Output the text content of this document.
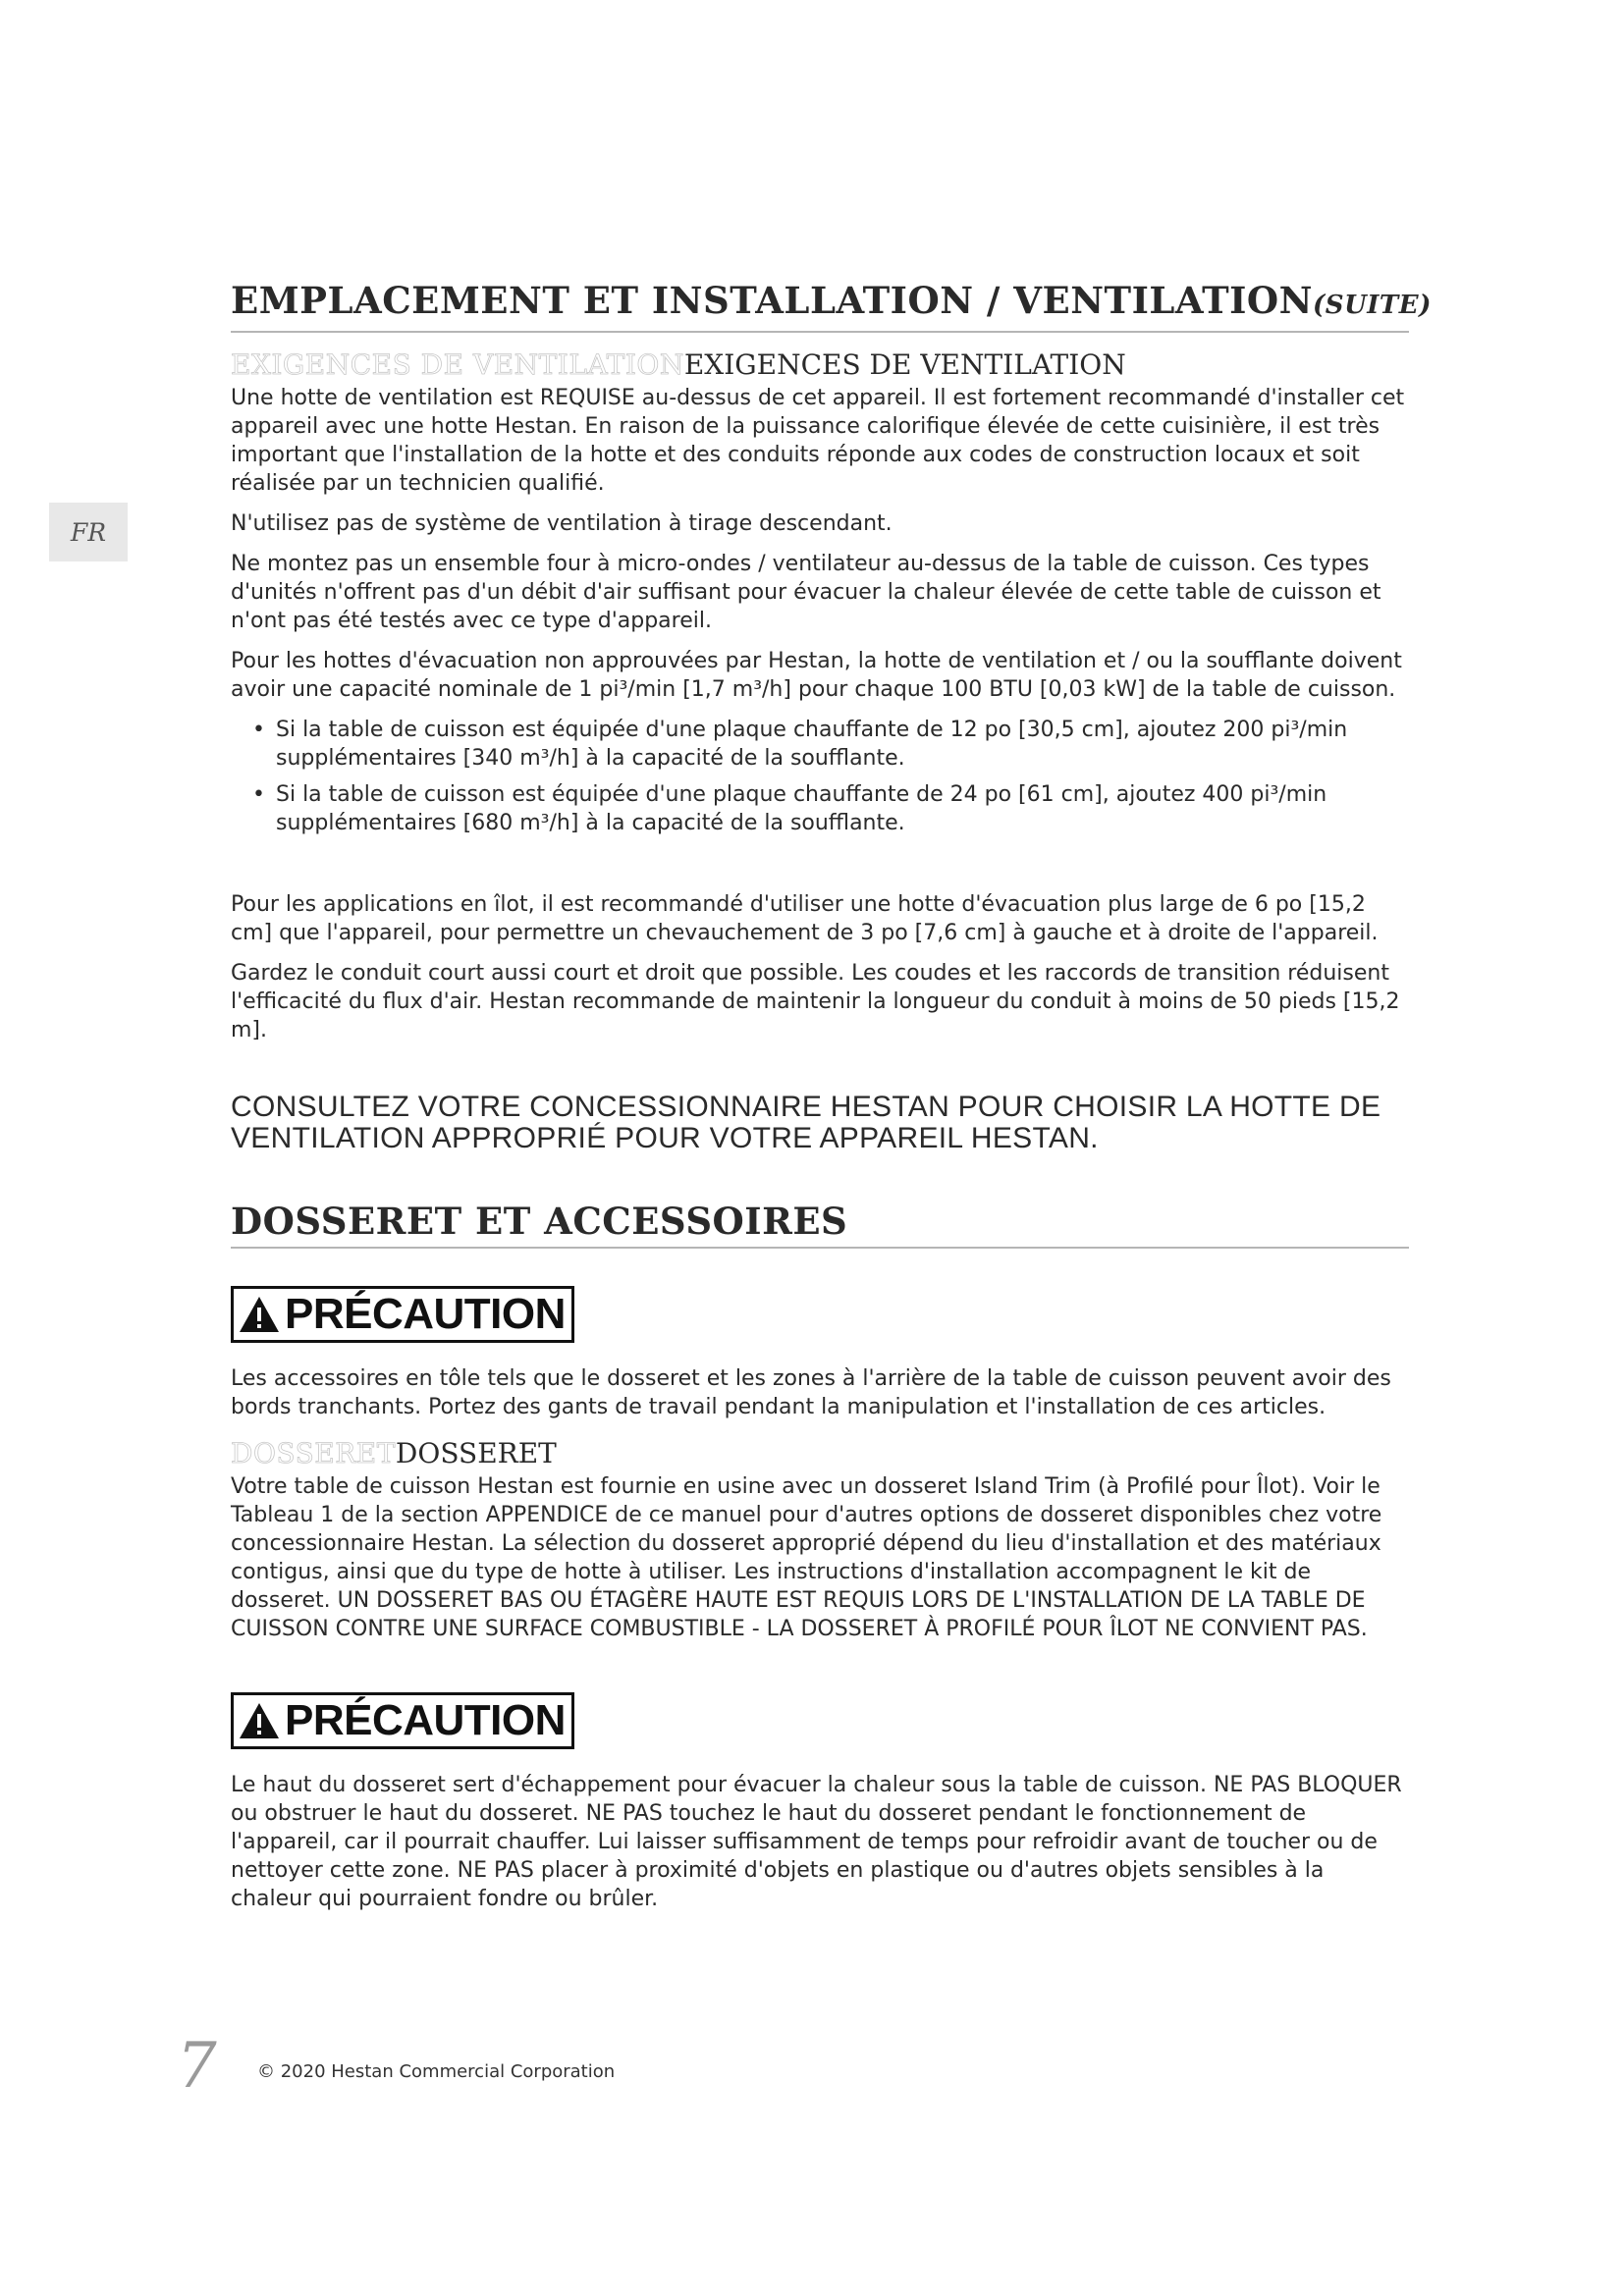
FR
EMPLACEMENT ET INSTALLATION / VENTILATION(SUITE)
EXIGENCES DE VENTILATIONEXIGENCES DE VENTILATION

Une hotte de ventilation est REQUISE au-dessus de cet appareil. Il est fortement recommandé d'installer cet appareil avec une hotte Hestan. En raison de la puissance calorifique élevée de cette cuisinière, il est très important que l'installation de la hotte et des conduits réponde aux codes de construction locaux et soit réalisée par un technicien qualifié.

N'utilisez pas de système de ventilation à tirage descendant.

Ne montez pas un ensemble four à micro-ondes / ventilateur au-dessus de la table de cuisson. Ces types d'unités n'offrent pas d'un débit d'air suffisant pour évacuer la chaleur élevée de cette table de cuisson et n'ont pas été testés avec ce type d'appareil.

Pour les hottes d'évacuation non approuvées par Hestan, la hotte de ventilation et / ou la soufflante doivent avoir une capacité nominale de 1 pi³/min [1,7 m³/h] pour chaque 100 BTU [0,03 kW] de la table de cuisson.

• Si la table de cuisson est équipée d'une plaque chauffante de 12 po [30,5 cm], ajoutez 200 pi³/min supplémentaires [340 m³/h] à la capacité de la soufflante.
• Si la table de cuisson est équipée d'une plaque chauffante de 24 po [61 cm], ajoutez 400 pi³/min supplémentaires [680 m³/h] à la capacité de la soufflante.

Pour les applications en îlot, il est recommandé d'utiliser une hotte d'évacuation plus large de 6 po [15,2 cm] que l'appareil, pour permettre un chevauchement de 3 po [7,6 cm] à gauche et à droite de l'appareil.

Gardez le conduit court aussi court et droit que possible. Les coudes et les raccords de transition réduisent l'efficacité du flux d'air. Hestan recommande de maintenir la longueur du conduit à moins de 50 pieds [15,2 m].

CONSULTEZ VOTRE CONCESSIONNAIRE HESTAN POUR CHOISIR LA HOTTE DE VENTILATION APPROPRIÉ POUR VOTRE APPAREIL HESTAN.
DOSSERET ET ACCESSOIRES
PRÉCAUTION

Les accessoires en tôle tels que le dosseret et les zones à l'arrière de la table de cuisson peuvent avoir des bords tranchants. Portez des gants de travail pendant la manipulation et l'installation de ces articles.

DOSSERETDOSSERET

Votre table de cuisson Hestan est fournie en usine avec un dosseret Island Trim (à Profilé pour Îlot). Voir le Tableau 1 de la section APPENDICE de ce manuel pour d'autres options de dosseret disponibles chez votre concessionnaire Hestan. La sélection du dosseret approprié dépend du lieu d'installation et des matériaux contigus, ainsi que du type de hotte à utiliser. Les instructions d'installation accompagnent le kit de dosseret. UN DOSSERET BAS OU ÉTAGÈRE HAUTE EST REQUIS LORS DE L'INSTALLATION DE LA TABLE DE CUISSON CONTRE UNE SURFACE COMBUSTIBLE - LA DOSSERET À PROFILÉ POUR ÎLOT NE CONVIENT PAS.

PRÉCAUTION

Le haut du dosseret sert d'échappement pour évacuer la chaleur sous la table de cuisson. NE PAS BLOQUER ou obstruer le haut du dosseret. NE PAS touchez le haut du dosseret pendant le fonctionnement de l'appareil, car il pourrait chauffer. Lui laisser suffisamment de temps pour refroidir avant de toucher ou de nettoyer cette zone. NE PAS placer à proximité d'objets en plastique ou d'autres objets sensibles à la chaleur qui pourraient fondre ou brûler.

7	© 2020 Hestan Commercial Corporation
